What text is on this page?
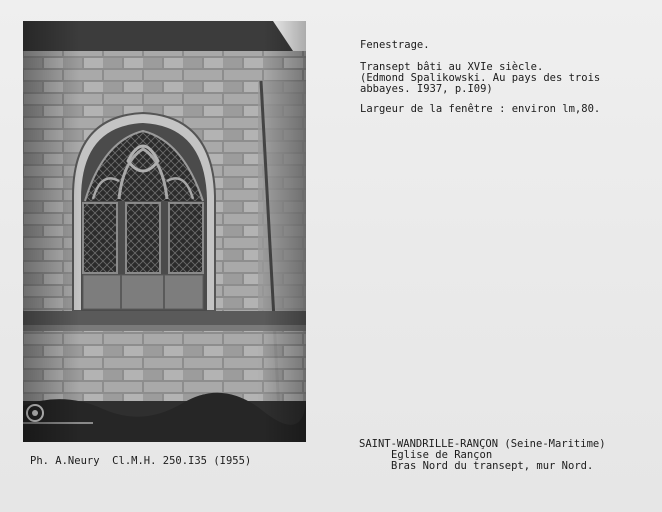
Fenestrage.
Transept bâti au XVIe siècle.
(Edmond Spalikowski. Au pays des trois
abbayes. I937, p.I09)
Largeur de la fenêtre : environ lm,80.
Ph. A.Neury  Cl.M.H. 250.I35 (I955)
SAINT-WANDRILLE-RANÇON (Seine-Maritime)
Eglise de Rançon
Bras Nord du transept, mur Nord.
